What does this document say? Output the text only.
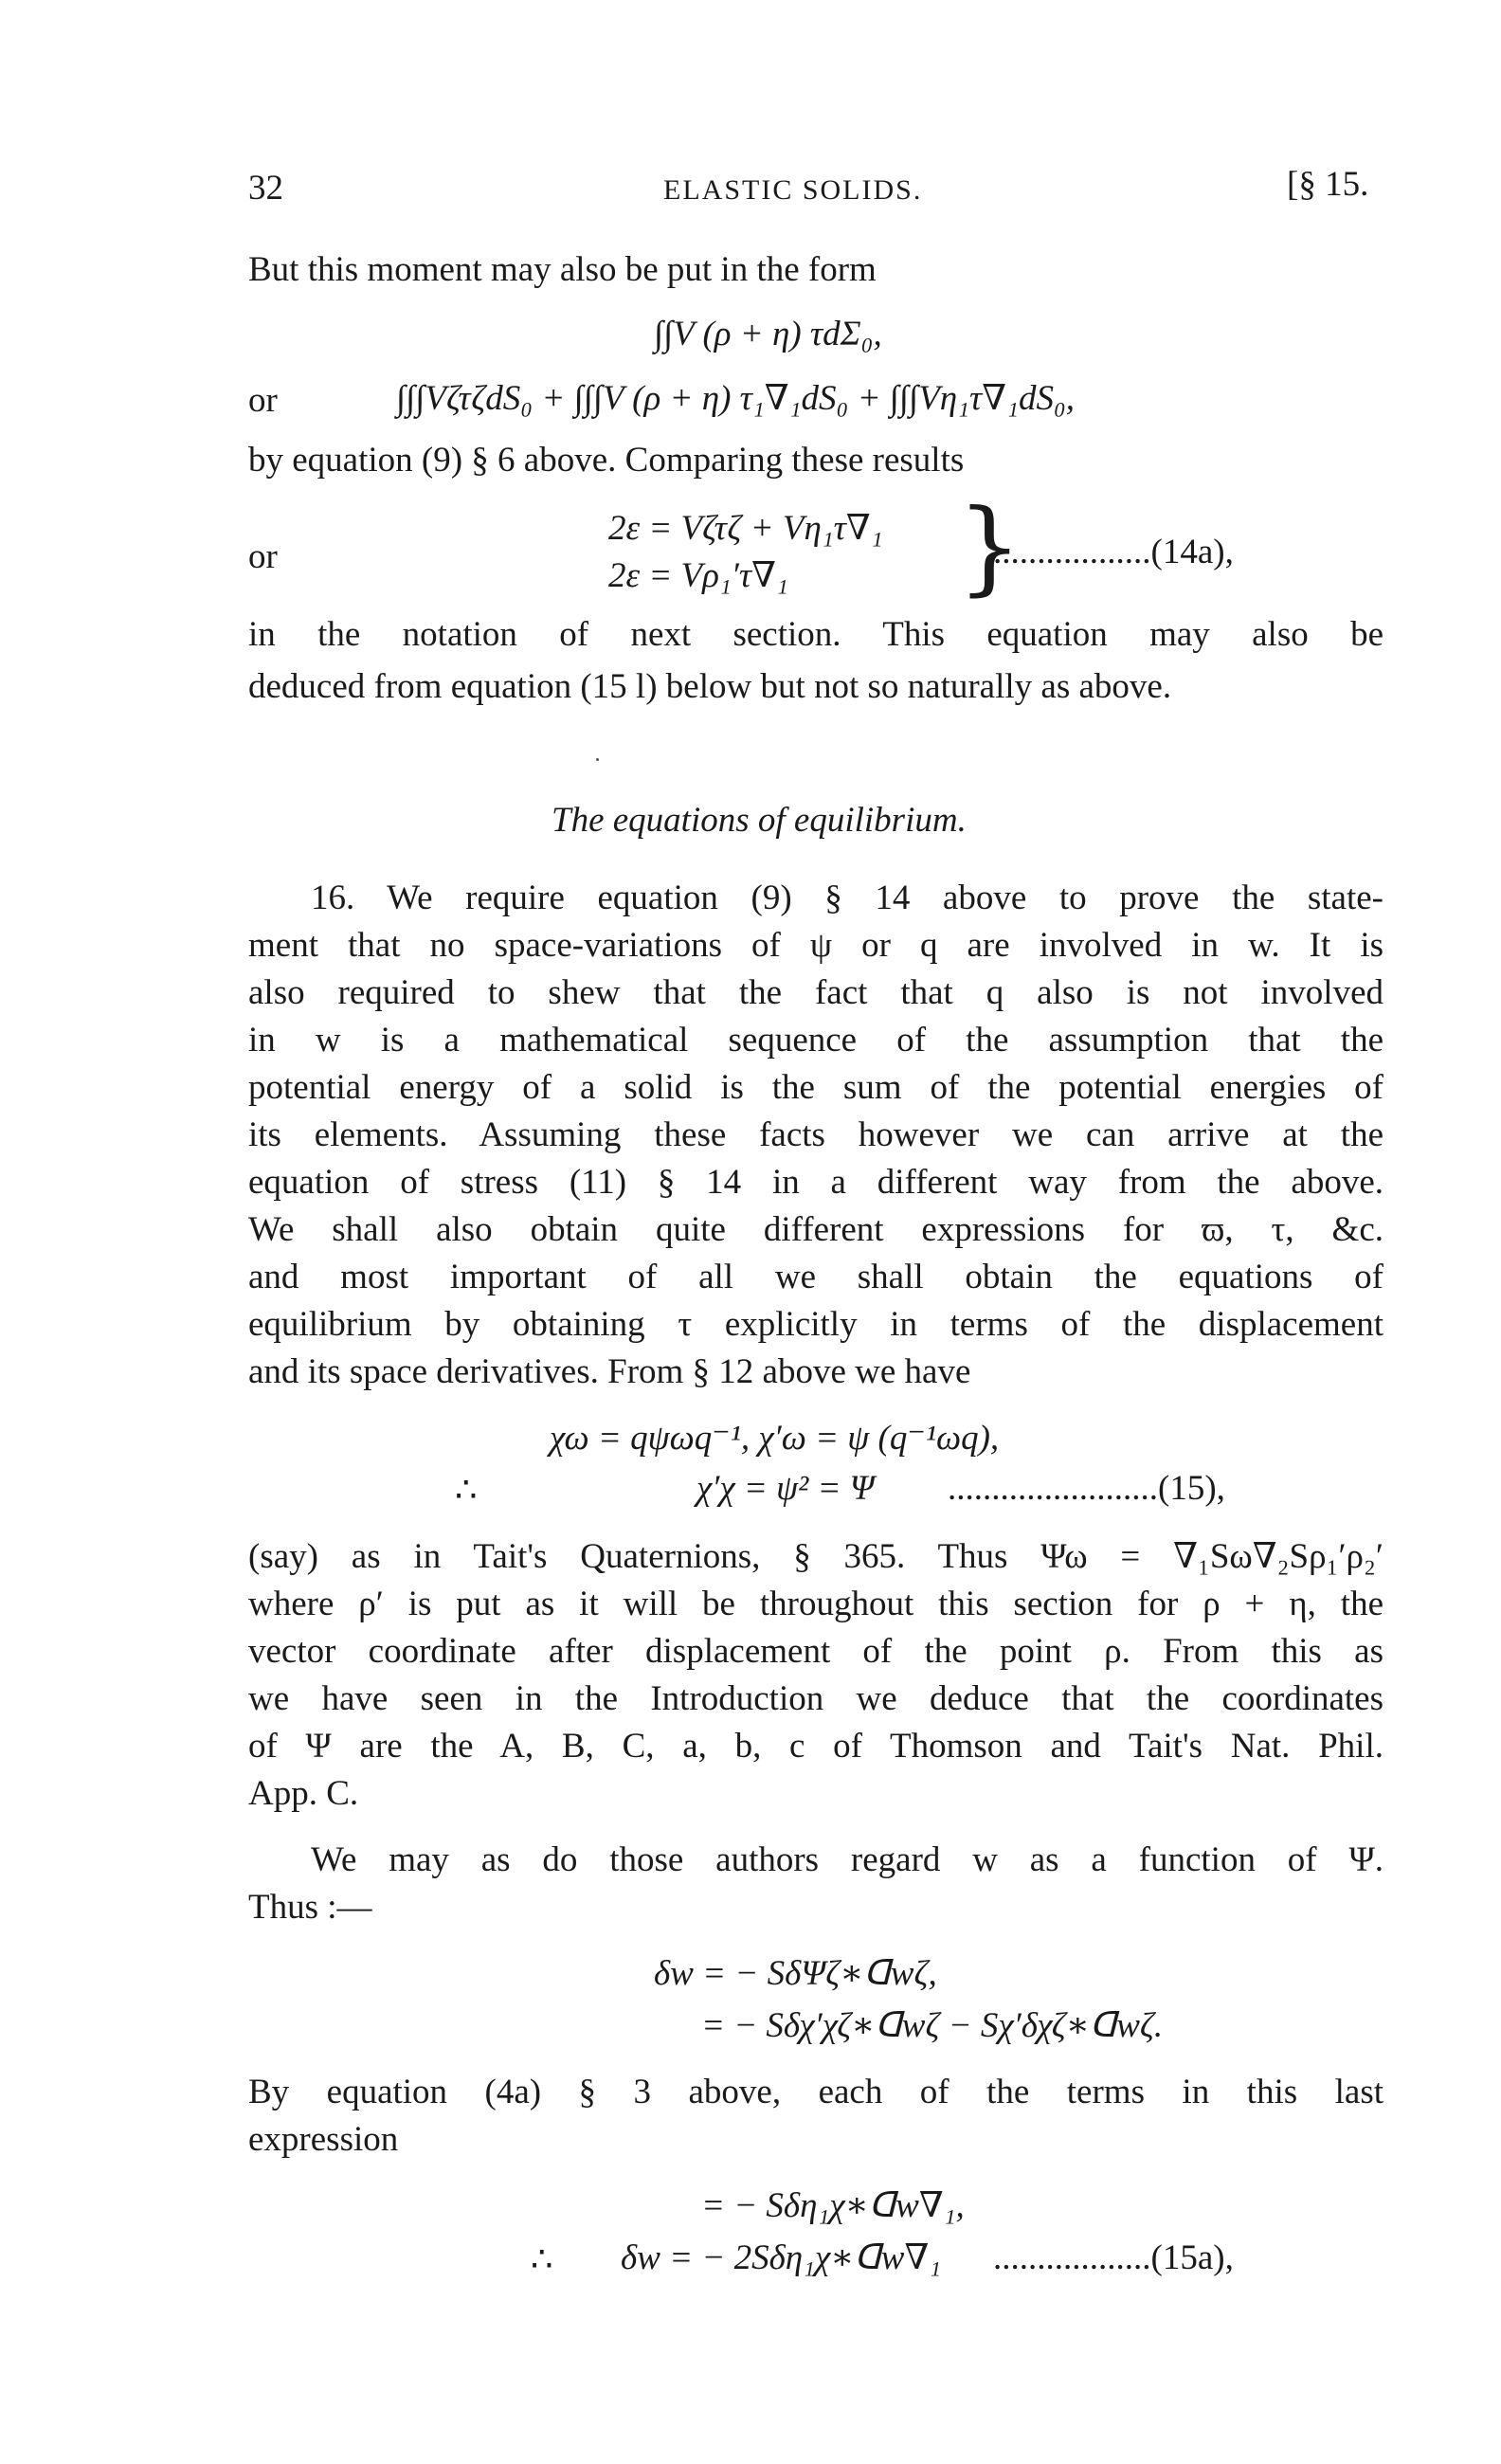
32	ELASTIC SOLIDS.	[§ 15.
But this moment may also be put in the form
∫∫V (ρ + η) τdΣ₀,
or	∫∫∫VζτζdS₀ + ∫∫∫V (ρ + η) τ₁∇₁dS₀ + ∫∫∫Vη₁τ∇₁dS₀,
by equation (9) § 6 above. Comparing these results
2ε = Vζτζ + Vη₁τ∇₁
or	2ε = Vρ₁′τ∇₁ }
..................(14a),
in the notation of next section. This equation may also be
deduced from equation (15 l) below but not so naturally as above.
The equations of equilibrium.
16. We require equation (9) § 14 above to prove the state-
ment that no space-variations of ψ or q are involved in w. It is
also required to shew that the fact that q also is not involved
in w is a mathematical sequence of the assumption that the
potential energy of a solid is the sum of the potential energies of
its elements. Assuming these facts however we can arrive at the
equation of stress (11) § 14 in a different way from the above.
We shall also obtain quite different expressions for ϖ, τ, &c.
and most important of all we shall obtain the equations of
equilibrium by obtaining τ explicitly in terms of the displacement
and its space derivatives. From § 12 above we have
χω = qψωq⁻¹, χ′ω = ψ (q⁻¹ωq),
∴	χ′χ = ψ² = Ψ ........................(15),
(say) as in Tait's Quaternions, § 365. Thus Ψω = ∇₁Sω∇₂Sρ₁′ρ₂′
where ρ′ is put as it will be throughout this section for ρ + η, the
vector coordinate after displacement of the point ρ. From this as
we have seen in the Introduction we deduce that the coordinates
of Ψ are the A, B, C, a, b, c of Thomson and Tait's Nat. Phil.
App. C.
We may as do those authors regard w as a function of Ψ.
Thus :—
δw = − SδΨζ∗ᗡwζ,
= − Sδχ′χζ∗ᗡwζ − Sχ′δχζ∗ᗡwζ.
By equation (4a) § 3 above, each of the terms in this last
expression
= − Sδη₁χ∗ᗡw∇₁,
∴ δw = − 2Sδη₁χ∗ᗡw∇₁ ..................(15a),
